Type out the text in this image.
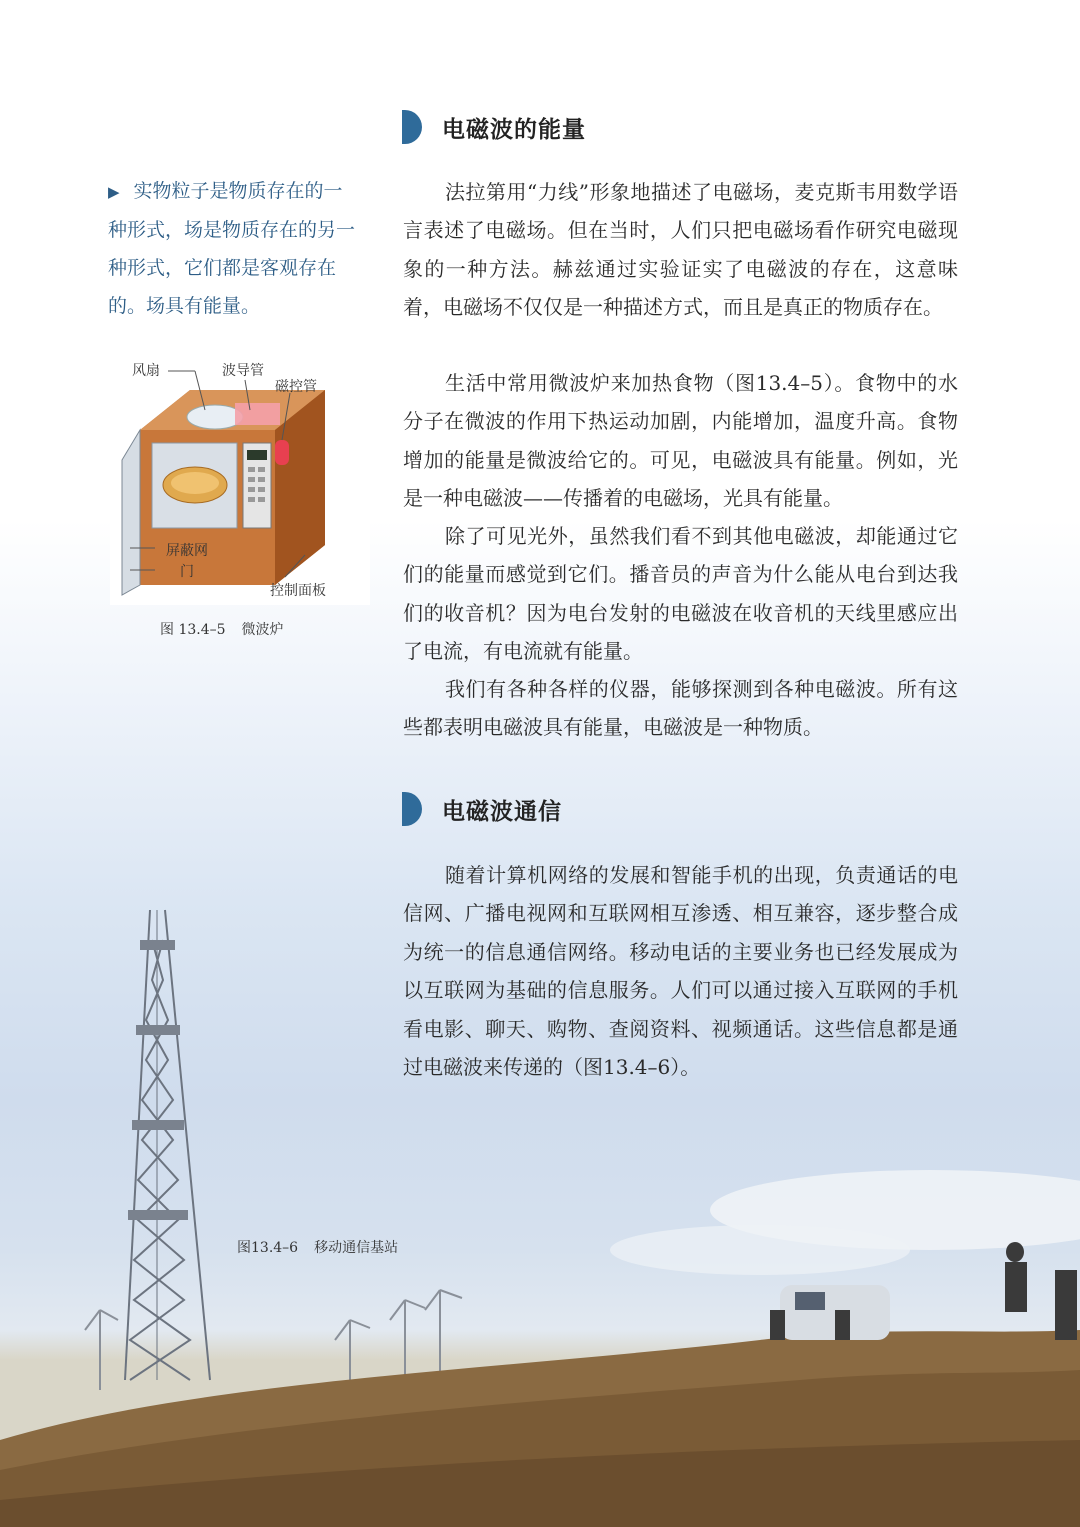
电磁波的能量

▶ 实物粒子是物质存在的一种形式，场是物质存在的另一种形式，它们都是客观存在的。场具有能量。

法拉第用“力线”形象地描述了电磁场，麦克斯韦用数学语言表述了电磁场。但在当时，人们只把电磁场看作研究电磁现象的一种方法。赫兹通过实验证实了电磁波的存在，这意味着，电磁场不仅仅是一种描述方式，而且是真正的物质存在。

生活中常用微波炉来加热食物（图13.4–5）。食物中的水分子在微波的作用下热运动加剧，内能增加，温度升高。食物增加的能量是微波给它的。可见，电磁波具有能量。例如，光是一种电磁波——传播着的电磁场，光具有能量。

除了可见光外，虽然我们看不到其他电磁波，却能通过它们的能量而感觉到它们。播音员的声音为什么能从电台到达我们的收音机？因为电台发射的电磁波在收音机的天线里感应出了电流，有电流就有能量。

我们有各种各样的仪器，能够探测到各种电磁波。所有这些都表明电磁波具有能量，电磁波是一种物质。

风扇	波导管
磁控管
屏蔽网
门
控制面板
图 13.4–5 微波炉
​
电磁波通信

随着计算机网络的发展和智能手机的出现，负责通话的电信网、广播电视网和互联网相互渗透、相互兼容，逐步整合成为统一的信息通信网络。移动电话的主要业务也已经发展成为以互联网为基础的信息服务。人们可以通过接入互联网的手机看电影、聊天、购物、查阅资料、视频通话。这些信息都是通过电磁波来传递的（图13.4–6）。

图13.4–6 移动通信基站
